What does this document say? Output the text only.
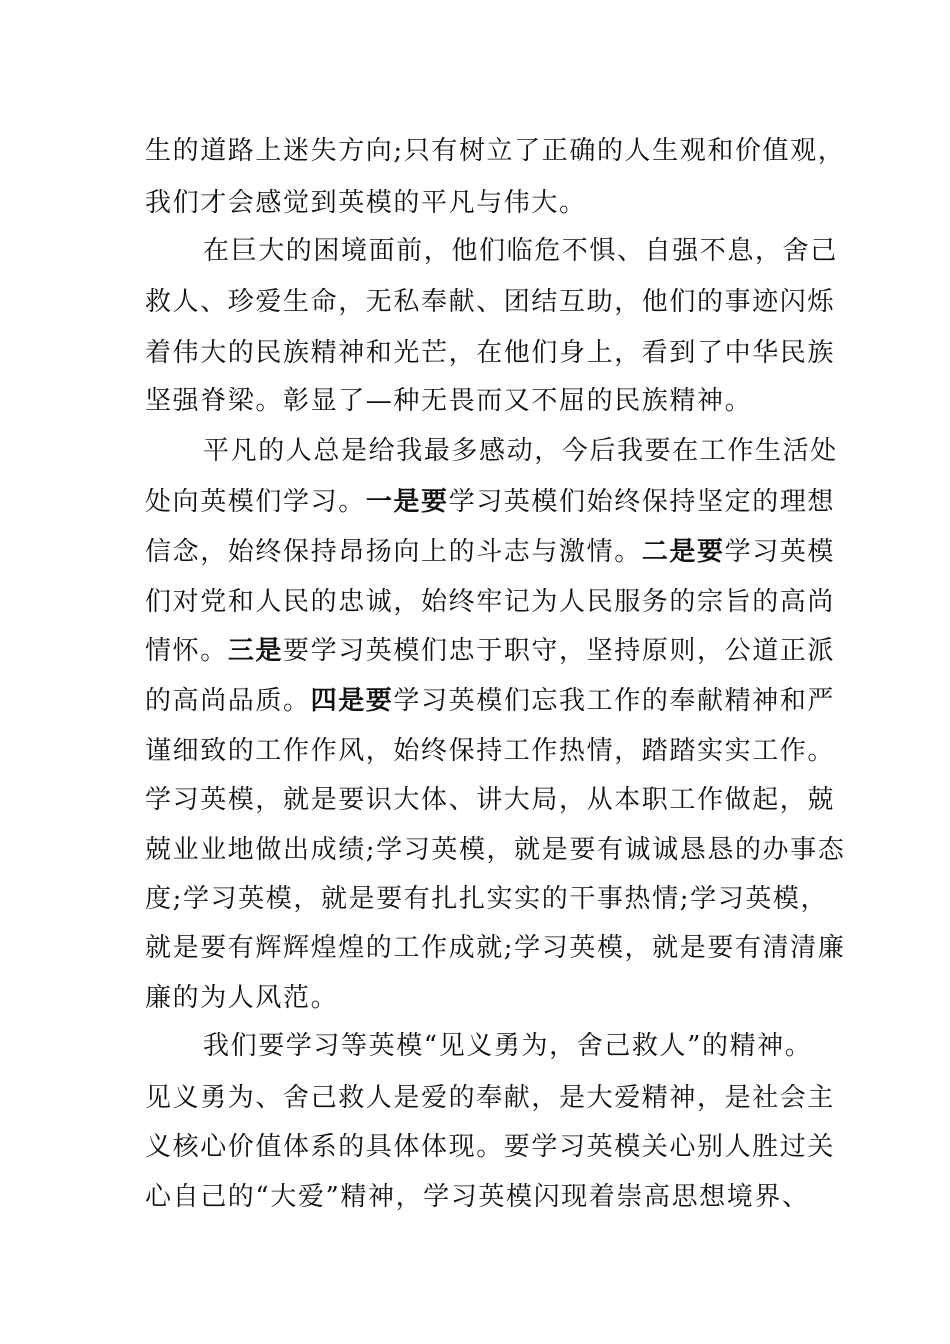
生的道路上迷失方向;只有树立了正确的人生观和价值观，
我们才会感觉到英模的平凡与伟大。
在巨大的困境面前，他们临危不惧、自强不息，舍己
救人、珍爱生命，无私奉献、团结互助，他们的事迹闪烁
着伟大的民族精神和光芒，在他们身上，看到了中华民族
坚强脊梁。彰显了—种无畏而又不屈的民族精神。
平凡的人总是给我最多感动，今后我要在工作生活处
处向英模们学习。一是要学习英模们始终保持坚定的理想
信念，始终保持昂扬向上的斗志与激情。二是要学习英模
们对党和人民的忠诚，始终牢记为人民服务的宗旨的高尚
情怀。三是要学习英模们忠于职守，坚持原则，公道正派
的高尚品质。四是要学习英模们忘我工作的奉献精神和严
谨细致的工作作风，始终保持工作热情，踏踏实实工作。
学习英模，就是要识大体、讲大局，从本职工作做起，兢
兢业业地做出成绩;学习英模，就是要有诚诚恳恳的办事态
度;学习英模，就是要有扎扎实实的干事热情;学习英模，
就是要有辉辉煌煌的工作成就;学习英模，就是要有清清廉
廉的为人风范。
我们要学习等英模“见义勇为，舍己救人”的精神。
见义勇为、舍己救人是爱的奉献，是大爱精神，是社会主
义核心价值体系的具体体现。要学习英模关心别人胜过关
心自己的“大爱”精神，学习英模闪现着崇高思想境界、
